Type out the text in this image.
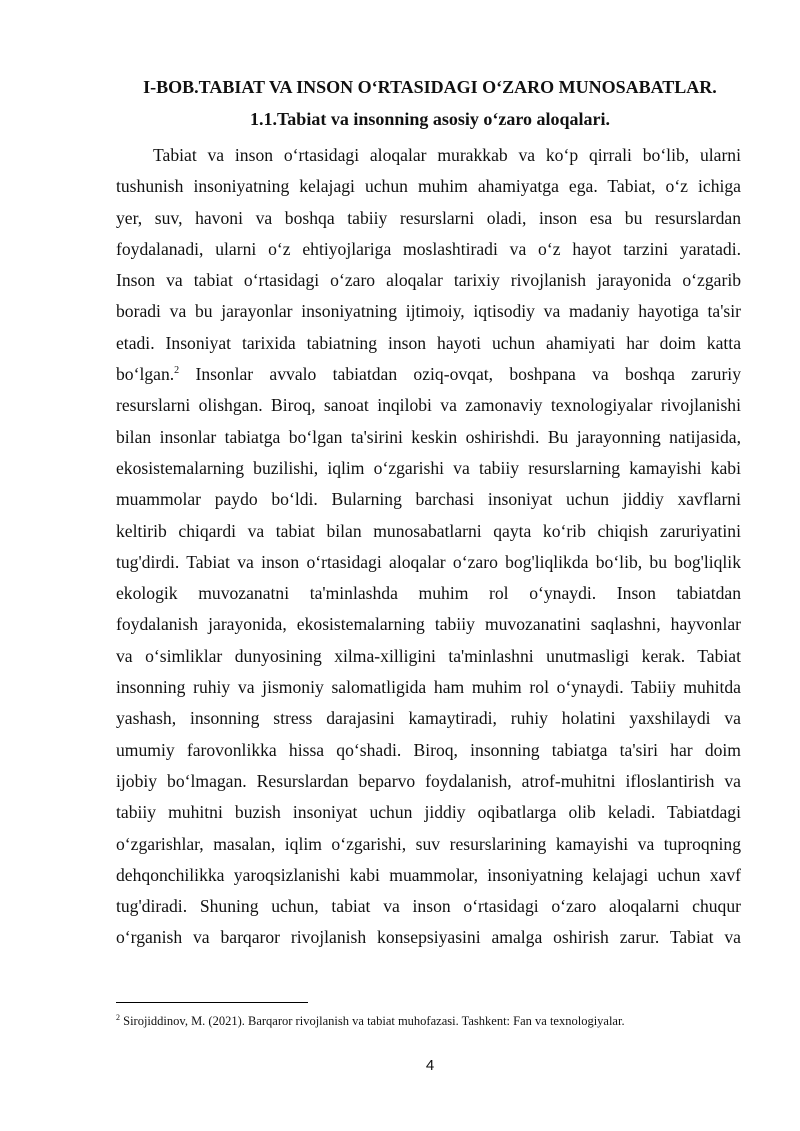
I-BOB.TABIAT VA INSON O‘RTASIDAGI O‘ZARO MUNOSABATLAR.
1.1.Tabiat va insonning asosiy o‘zaro aloqalari.
Tabiat va inson o‘rtasidagi aloqalar murakkab va ko‘p qirrali bo‘lib, ularni
tushunish insoniyatning kelajagi uchun muhim ahamiyatga ega. Tabiat, o‘z ichiga
yer, suv, havoni va boshqa tabiiy resurslarni oladi, inson esa bu resurslardan
foydalanadi, ularni o‘z ehtiyojlariga moslashtiradi va o‘z hayot tarzini yaratadi.
Inson va tabiat o‘rtasidagi o‘zaro aloqalar tarixiy rivojlanish jarayonida o‘zgarib
boradi va bu jarayonlar insoniyatning ijtimoiy, iqtisodiy va madaniy hayotiga ta'sir
etadi. Insoniyat tarixida tabiatning inson hayoti uchun ahamiyati har doim katta
bo‘lgan.$^2$ Insonlar avvalo tabiatdan oziq-ovqat, boshpana va boshqa zaruriy
resurslarni olishgan. Biroq, sanoat inqilobi va zamonaviy texnologiyalar rivojlanishi
bilan insonlar tabiatga bo‘lgan ta'sirini keskin oshirishdi. Bu jarayonning natijasida,
ekosistemalarning buzilishi, iqlim o‘zgarishi va tabiiy resurslarning kamayishi kabi
muammolar paydo bo‘ldi. Bularning barchasi insoniyat uchun jiddiy xavflarni
keltirib chiqardi va tabiat bilan munosabatlarni qayta ko‘rib chiqish zaruriyatini
tug'dirdi. Tabiat va inson o‘rtasidagi aloqalar o‘zaro bog'liqlikda bo‘lib, bu bog'liqlik
ekologik muvozanatni ta'minlashda muhim rol o‘ynaydi. Inson tabiatdan
foydalanish jarayonida, ekosistemalarning tabiiy muvozanatini saqlashni, hayvonlar
va o‘simliklar dunyosining xilma-xilligini ta'minlashni unutmasligi kerak. Tabiat
insonning ruhiy va jismoniy salomatligida ham muhim rol o‘ynaydi. Tabiiy muhitda
yashash, insonning stress darajasini kamaytiradi, ruhiy holatini yaxshilaydi va
umumiy farovonlikka hissa qo‘shadi. Biroq, insonning tabiatga ta'siri har doim
ijobiy bo‘lmagan. Resurslardan beparvo foydalanish, atrof-muhitni ifloslantirish va
tabiiy muhitni buzish insoniyat uchun jiddiy oqibatlarga olib keladi. Tabiatdagi
o‘zgarishlar, masalan, iqlim o‘zgarishi, suv resurslarining kamayishi va tuproqning
dehqonchilikka yaroqsizlanishi kabi muammolar, insoniyatning kelajagi uchun xavf
tug'diradi. Shuning uchun, tabiat va inson o‘rtasidagi o‘zaro aloqalarni chuqur
o‘rganish va barqaror rivojlanish konsepsiyasini amalga oshirish zarur. Tabiat va
$^2$ Sirojiddinov, M. (2021). Barqaror rivojlanish va tabiat muhofazasi. Tashkent: Fan va texnologiyalar.
4
